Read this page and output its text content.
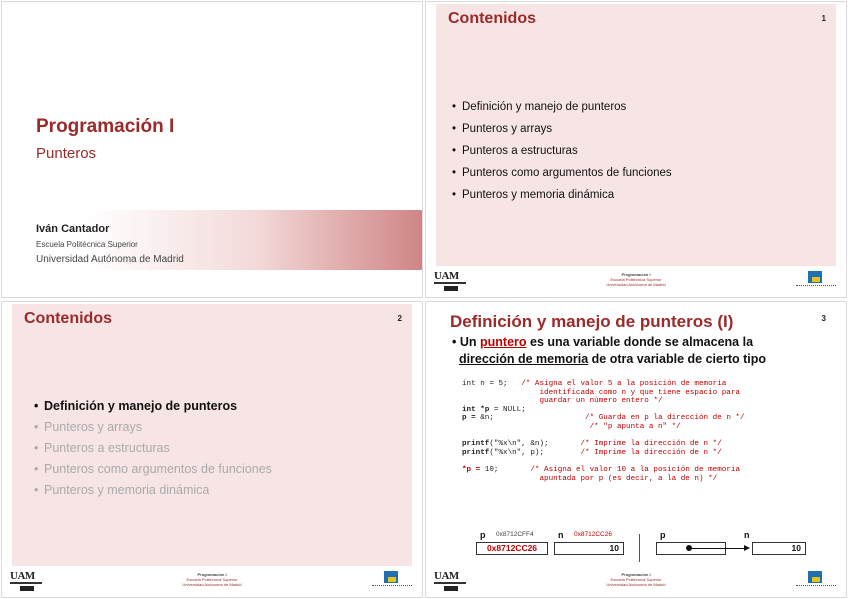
Programación I
Punteros
Iván Cantador
Escuela Politécnica Superior
Universidad Autónoma de Madrid
Contenidos	1
• Definición y manejo de punteros
• Punteros y arrays
• Punteros a estructuras
• Punteros como argumentos de funciones
• Punteros y memoria dinámica
UAM	Programación I
Escuela Politécnica Superior
Universidad Autónoma de Madrid
Contenidos	2
• Definición y manejo de punteros
• Punteros y arrays
• Punteros a estructuras
• Punteros como argumentos de funciones
• Punteros y memoria dinámica
UAM	Programación I
Escuela Politécnica Superior
Universidad Autónoma de Madrid
Definición y manejo de punteros (I)	3
• Un puntero es una variable donde se almacena la
dirección de memoria de otra variable de cierto tipo
int n = 5;   /* Asigna el valor 5 a la posición de memoria
identificada como n y que tiene espacio para
guardar un número entero */
int *p = NULL;
p = &n;                    /* Guarda en p la dirección de n */
/* "p apunta a n" */

printf("%x\n", &n);       /* Imprime la dirección de n */
printf("%x\n", p);        /* Imprime la dirección de n */

*p = 10;       /* Asigna el valor 10 a la posición de memoria
apuntada por p (es decir, a la de n) */
p 0x8712CFF4
0x8712CC26
n 0x8712CC26
10
p	n
10
UAM	Programación I
Escuela Politécnica Superior
Universidad Autónoma de Madrid
